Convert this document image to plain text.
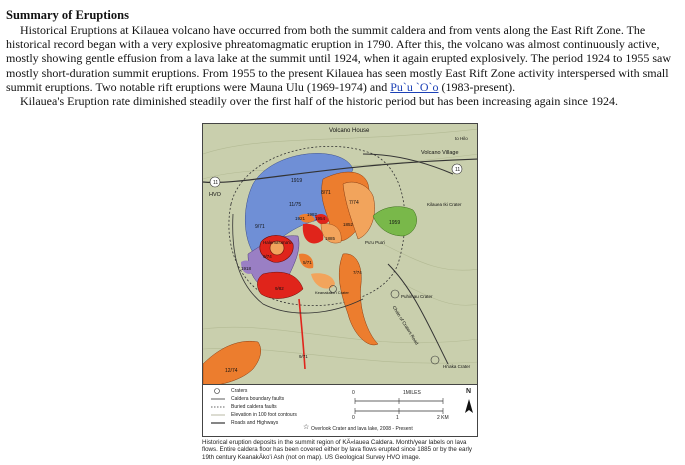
Summary of Eruptions

Historical Eruptions at Kilauea volcano have occurred from both the summit caldera and from vents along the East Rift Zone. The historical record began with a very explosive phreatomagmatic eruption in 1790. After this, the volcano was almost continuously active, mostly showing gentle effusion from a lava lake at the summit until 1924, when it again erupted explosively. The period 1924 to 1955 saw mostly short-duration summit eruptions. From 1955 to the present Kilauea has seen mostly East Rift Zone activity interspersed with small summit eruptions. Two notable rift eruptions were Mauna Ulu (1969-1974) and Pu`u `O`o (1983-present).

Kilauea's Eruption rate diminished steadily over the first half of the historic period but has been increasing again since 1924.

Volcano House
to Hilo
Volcano Village
HVO
11
11
1919
8/71
11/75	7/74
1921 1954
1982
9/71
1959
Kilauea Iki Crater
Halema'uma'u
1852
1885
Pu'u Pua'i
9/74
1918
5/71
9/82
7/74
Keanakako'i Crater
Puhimau Crater
9/71
Chain of Craters Road
12/74
Hi'iaka Crater
☆
Craters
Caldera boundary faults
Buried caldera faults
Elevation in 100 foot contours
Roads and Highways
Overlook Crater and lava lake, 2008 - Present
0	1MILES
0	1	2 KM
N
Historical eruption deposits in the summit region of KÄ«lauea Caldera. Month/year labels on lava flows. Entire caldera floor has been covered either by lava flows erupted since 1885 or by the early 19th century KeanakÄkoʻi Ash (not on map). US Geological Survey HVO image.
